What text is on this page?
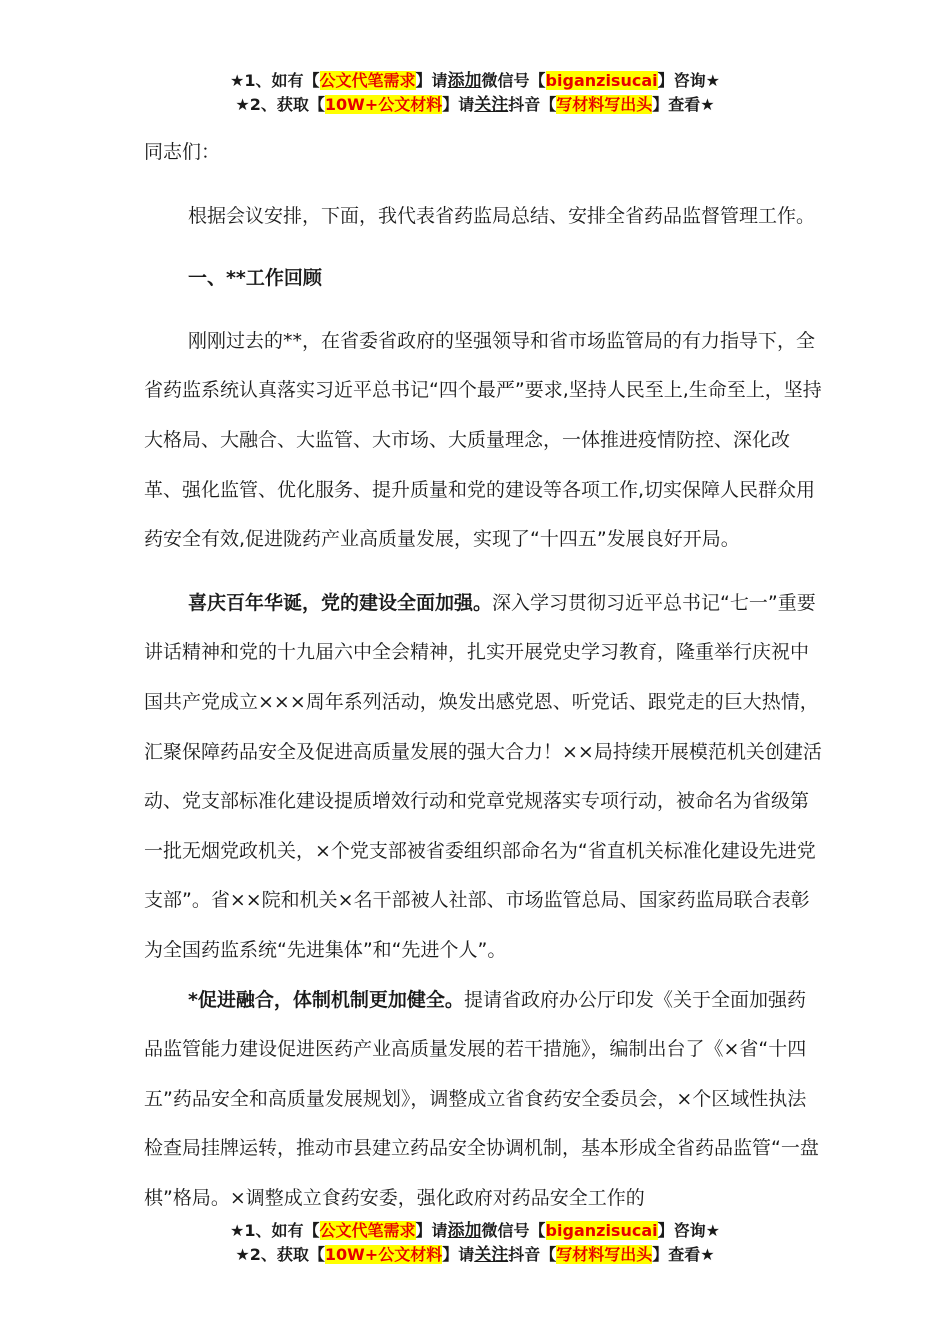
★1、如有【公文代笔需求】请添加微信号【biganzisucai】咨询★
★2、获取【10W+公文材料】请关注抖音【写材料写出头】查看★

同志们：

根据会议安排，下面，我代表省药监局总结、安排全省药品监督管理工作。

一、**工作回顾

刚刚过去的**，在省委省政府的坚强领导和省市场监管局的有力指导下，全省药监系统认真落实习近平总书记“四个最严”要求,坚持人民至上,生命至上，坚持大格局、大融合、大监管、大市场、大质量理念，一体推进疫情防控、深化改革、强化监管、优化服务、提升质量和党的建设等各项工作,切实保障人民群众用药安全有效,促进陇药产业高质量发展，实现了“十四五”发展良好开局。

喜庆百年华诞，党的建设全面加强。深入学习贯彻习近平总书记“七一”重要讲话精神和党的十九届六中全会精神，扎实开展党史学习教育，隆重举行庆祝中国共产党成立×××周年系列活动，焕发出感党恩、听党话、跟党走的巨大热情，汇聚保障药品安全及促进高质量发展的强大合力！××局持续开展模范机关创建活动、党支部标准化建设提质增效行动和党章党规落实专项行动，被命名为省级第一批无烟党政机关，×个党支部被省委组织部命名为“省直机关标准化建设先进党支部”。省××院和机关×名干部被人社部、市场监管总局、国家药监局联合表彰为全国药监系统“先进集体”和“先进个人”。

*促进融合，体制机制更加健全。提请省政府办公厅印发《关于全面加强药品监管能力建设促进医药产业高质量发展的若干措施》，编制出台了《×省“十四五”药品安全和高质量发展规划》，调整成立省食药安全委员会，×个区域性执法检查局挂牌运转，推动市县建立药品安全协调机制，基本形成全省药品监管“一盘棋”格局。×调整成立食药安委，强化政府对药品安全工作的

★1、如有【公文代笔需求】请添加微信号【biganzisucai】咨询★
★2、获取【10W+公文材料】请关注抖音【写材料写出头】查看★
